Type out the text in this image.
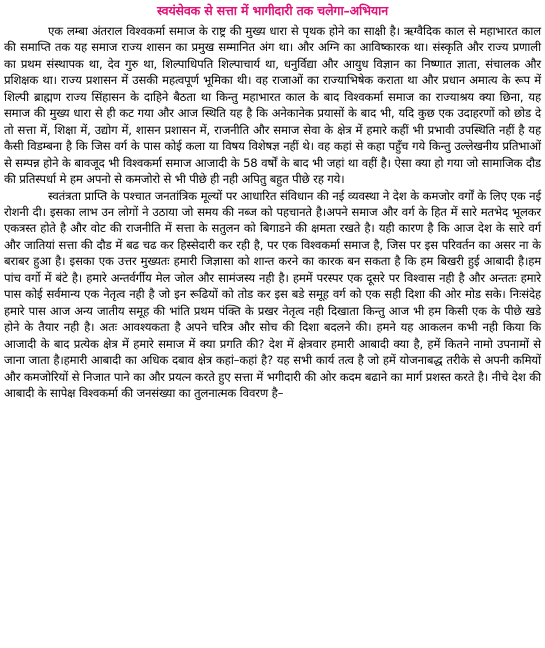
स्वयंसेवक से सत्ता में भागीदारी तक चलेगा–अभियान

एक लम्बा अंतराल विश्वकर्मा समाज के राष्ट्र की मुख्य धारा से पृथक होने का साक्षी है। ऋग्वैदिक काल से महाभारत काल की समाप्ति तक यह समाज राज्य शासन का प्रमुख सम्मानित अंग था। और अग्नि का आविष्कारक था। संस्कृति और राज्य प्रणाली का प्रथम संस्थापक था, देव गुरु था, शिल्पाधिपति शिल्पाचार्य था, धनुर्विद्या और आयुध विज्ञान का निष्णात ज्ञाता, संचालक और प्रशिक्षक था। राज्य प्रशासन में उसकी महत्वपूर्ण भूमिका थी। वह राजाओं का राज्याभिषेक कराता था और प्रधान अमात्य के रूप में शिल्पी ब्राह्मण राज्य सिंहासन के दाहिने बैठता था किन्तु महाभारत काल के बाद विश्वकर्मा समाज का राज्याश्रय क्या छिना, यह समाज की मुख्य धारा से ही कट गया और आज स्थिति यह है कि अनेकानेक प्रयासों के बाद भी, यदि कुछ एक उदाहरणों को छोड दे तो सत्ता में, शिक्षा में, उद्योग में, शासन प्रशासन में, राजनीति और समाज सेवा के क्षेत्र में हमारे कहीं भी प्रभावी उपस्थिति नहीं है यह कैसी विडम्बना है कि जिस वर्ग के पास कोई कला या विषय विशेषज्ञ नहीं थे। वह कहां से कहा पहुँच गये किन्तु उल्लेखनीय प्रतिभाओं से सम्पन्न होने के बावजूद भी विश्वकर्मा समाज आजादी के 58 वर्षों के बाद भी जहां था वहीं है। ऐसा क्या हो गया जो सामाजिक दौड की प्रतिस्पर्धा मे हम अपनो से कमजोरो से भी पीछे ही नही अपितु बहुत पीछे रह गये।

स्वतंत्रता प्राप्ति के पश्चात जनतांत्रिक मूल्यों पर आधारित संविधान की नई व्यवस्था ने देश के कमजोर वर्गों के लिए एक नई रोशनी दी। इसका लाभ उन लोगों ने उठाया जो समय की नब्ज को पहचानते है।अपने समाज और वर्ग के हित में सारे मतभेद भूलकर एकत्रस्त होते है और वोट की राजनीति में सत्ता के सतुलन को बिगाडने की क्षमता रखते है। यही कारण है कि आज देश के सारे वर्ग और जातियां सत्ता की दौड में बढ चढ कर हिस्सेदारी कर रही है, पर एक विश्वकर्मा समाज है, जिस पर इस परिवर्तन का असर ना के बराबर हुआ है। इसका एक उत्तर मुख्यतः हमारी जिज्ञासा को शान्त करने का कारक बन सकता है कि हम बिखरी हुई आबादी है।हम पांच वर्गो में बंटे है। हमारे अन्तर्वर्गीय मेल जोल और सामंजस्य नही है। हममें परस्पर एक दूसरे पर विश्वास नही है और अन्ततः हमारे पास कोई सर्वमान्य एक नेतृत्व नही है जो इन रूढियों को तोड कर इस बडे समूह वर्ग को एक सही दिशा की ओर मोड सके। निःसंदेह हमारे पास आज अन्य जातीय समूह की भांति प्रथम पंक्ति के प्रखर नेतृत्व नही दिखाता किन्तु आज भी हम किसी एक के पीछे खडे होने के तैयार नही है। अतः आवश्यकता है अपने चरित्र और सोच की दिशा बदलने की। हमने यह आकलन कभी नही किया कि आजादी के बाद प्रत्येक क्षेत्र में हमारे समाज में क्या प्रगति की? देश में क्षेत्रवार हमारी आबादी क्या है, हमें कितने नामो उपनामों से जाना जाता है।हमारी आबादी का अधिक दबाव क्षेत्र कहां–कहां है? यह सभी कार्य तत्व है जो हमें योजनाबद्ध तरीके से अपनी कमियों और कमजोरियों से निजात पाने का और प्रयत्न करते हुए सत्ता में भगीदारी की ओर कदम बढाने का मार्ग प्रशस्त करते है। नीचे देश की आबादी के सापेक्ष विश्वकर्मा की जनसंख्या का तुलनात्मक विवरण है–
